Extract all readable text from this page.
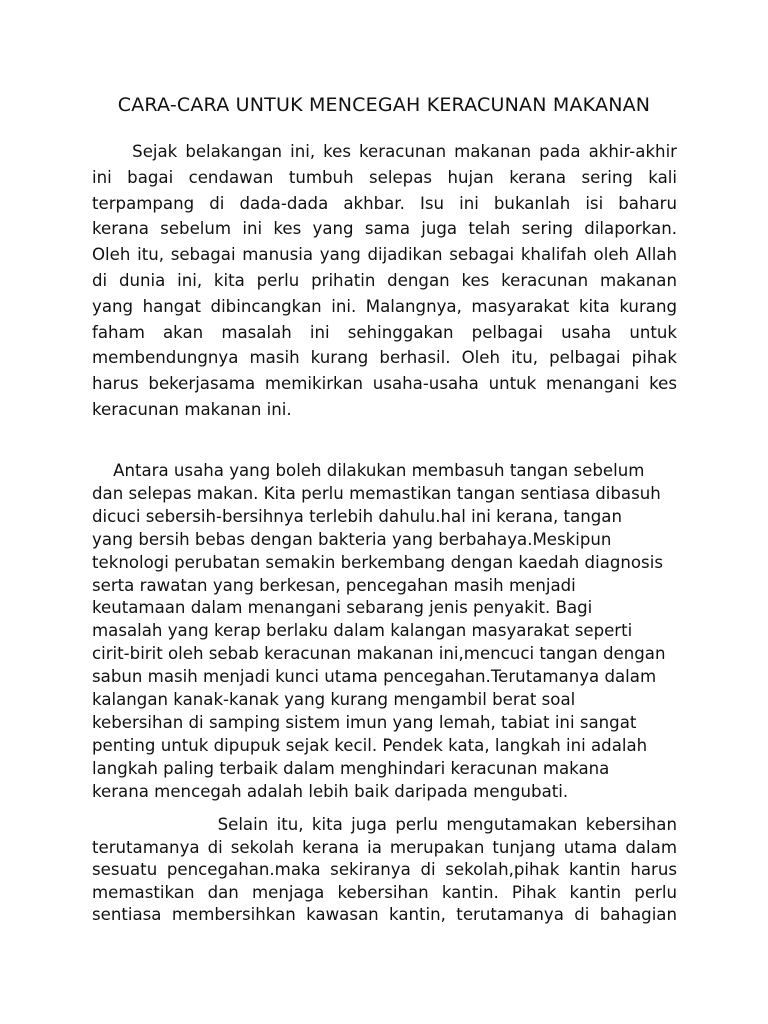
CARA-CARA UNTUK MENCEGAH KERACUNAN MAKANAN
Sejak belakangan ini, kes keracunan makanan pada akhir-akhir
ini bagai cendawan tumbuh selepas hujan kerana sering kali
terpampang di dada-dada akhbar. Isu ini bukanlah isi baharu
kerana sebelum ini kes yang sama juga telah sering dilaporkan.
Oleh itu, sebagai manusia yang dijadikan sebagai khalifah oleh Allah
di dunia ini, kita perlu prihatin dengan kes keracunan makanan
yang hangat dibincangkan ini. Malangnya, masyarakat kita kurang
faham akan masalah ini sehinggakan pelbagai usaha untuk
membendungnya masih kurang berhasil. Oleh itu, pelbagai pihak
harus bekerjasama memikirkan usaha-usaha untuk menangani kes
keracunan makanan ini.
Antara usaha yang boleh dilakukan membasuh tangan sebelum
dan selepas makan. Kita perlu memastikan tangan sentiasa dibasuh
dicuci sebersih-bersihnya terlebih dahulu.hal ini kerana, tangan
yang bersih bebas dengan bakteria yang berbahaya.Meskipun
teknologi perubatan semakin berkembang dengan kaedah diagnosis
serta rawatan yang berkesan, pencegahan masih menjadi
keutamaan dalam menangani sebarang jenis penyakit. Bagi
masalah yang kerap berlaku dalam kalangan masyarakat seperti
cirit-birit oleh sebab keracunan makanan ini,mencuci tangan dengan
sabun masih menjadi kunci utama pencegahan.Terutamanya dalam
kalangan kanak-kanak yang kurang mengambil berat soal
kebersihan di samping sistem imun yang lemah, tabiat ini sangat
penting untuk dipupuk sejak kecil. Pendek kata, langkah ini adalah
langkah paling terbaik dalam menghindari keracunan makana
kerana mencegah adalah lebih baik daripada mengubati.
Selain itu, kita juga perlu mengutamakan kebersihan
terutamanya di sekolah kerana ia merupakan tunjang utama dalam
sesuatu pencegahan.maka sekiranya di sekolah,pihak kantin harus
memastikan dan menjaga kebersihan kantin. Pihak kantin perlu
sentiasa membersihkan kawasan kantin, terutamanya di bahagian
